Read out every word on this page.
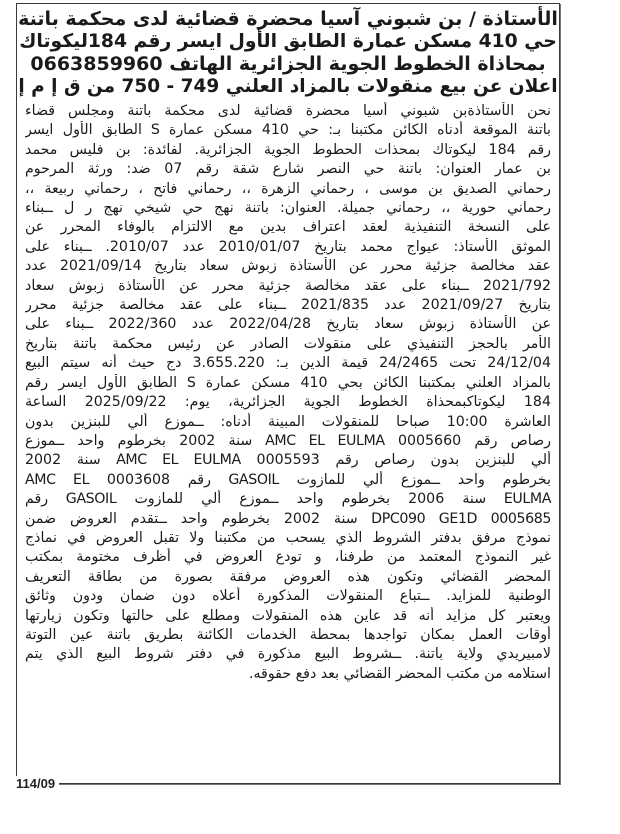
الأستاذة / بن شبوني آسيا محضرة قضائية لدى محكمة باتنة
حي 410 مسكن عمارة الطابق الأول ايسر رقم 184ليكوتاك
بمحاذاة الخطوط الجوية الجزائرية الهاتف 0663859960
اعلان عن بيع منقولات بالمزاد العلني 749 - 750 من ق إ م إ
نحن الأستاذةبن شبوني أسيا محضرة قضائية لدى محكمة باتنة ومجلس قضاء
باتنة الموقعة أدناه الكائن مكتبنا بـ: حي 410 مسكن عمارة S الطابق الأول ايسر
رقم 184 ليكوتاك بمحذات الحطوط الجوية الجزائرية. لفائدة: بن فليس محمد
بن عمار العنوان: باتنة حي النصر شارع شقة رقم 07 ضد: ورثة المرحوم
رحماني الصديق بن موسى ، رحماني الزهرة ،، رحماني فاتح ، رحماني ربيعة ،،
رحماني حورية ،، رحماني جميلة. العنوان: باتنة نهج حي شيخي نهج ر ل ــبناء
على النسخة التنفيذية لعقد اعتراف بدين مع الالتزام بالوفاء المحرر عن
الموثق الأستاذ: عيواج محمد بتاريخ 2010/01/07 عدد 2010/07. ــبناء على
عقد مخالصة جزئية محرر عن الأستاذة زبوش سعاد بتاريخ 2021/09/14 عدد
2021/792 ــبناء على عقد مخالصة جزئية محرر عن الأستاذة زبوش سعاد
بتاريخ 2021/09/27 عدد 2021/835 ــبناء على عقد مخالصة جزئية محرر
عن الأستاذة زبوش سعاد بتاريخ 2022/04/28 عدد 2022/360 ــبناء على
الأمر بالحجز التنفيذي على منقولات الصادر عن رئيس محكمة باتنة بتاريخ
24/12/04 تحت 24/2465 قيمة الدين بـ: 3.655.220 دج حيث أنه سيتم البيع
بالمزاد العلني بمكتبنا الكائن بحي 410 مسكن عمارة S الطابق الأول ايسر رقم
184 ليكوتاكبمحذاة الخطوط الجوية الجزائرية، يوم: 2025/09/22 الساعة
العاشرة 10:00 صباحا للمنقولات المبينة أدناه: ــموزع ألي للبنزين بدون
رصاص رقم 0005660 AMC EL EULMA سنة 2002 بخرطوم واحد ــموزع
ألي للبنزين بدون رصاص رقم 0005593 AMC EL EULMA سنة 2002
بخرطوم واحد ــموزع ألي للمازوت GASOIL رقم 0003608 AMC EL
EULMA سنة 2006 بخرطوم واحد ــموزع ألي للمازوت GASOIL رقم
0005685 DPC090 GE1D سنة 2002 بخرطوم واحد ــتقدم العروض ضمن
نموذج مرفق بدفتر الشروط الذي يسحب من مكتبنا ولا تقبل العروض في نماذج
غير النموذج المعتمد من طرفنا، و تودع العروض في أظرف مختومة بمكتب
المحضر القضائي وتكون هذه العروض مرفقة بصورة من بطاقة التعريف
الوطنية للمزايد. ــتباع المنقولات المذكورة أعلاه دون ضمان ودون وثائق
ويعتبر كل مزايد أنه قد عاين هذه المنقولات ومطلع على حالتها وتكون زيارتها
أوقات العمل بمكان تواجدها بمحطة الخدمات الكائنة بطريق باتنة عين التوتة
لامبيريدي ولاية باتنة. ــشروط البيع مذكورة في دفتر شروط البيع الذي يتم
استلامه من مكتب المحضر القضائي بعد دفع حقوقه.
114/09
